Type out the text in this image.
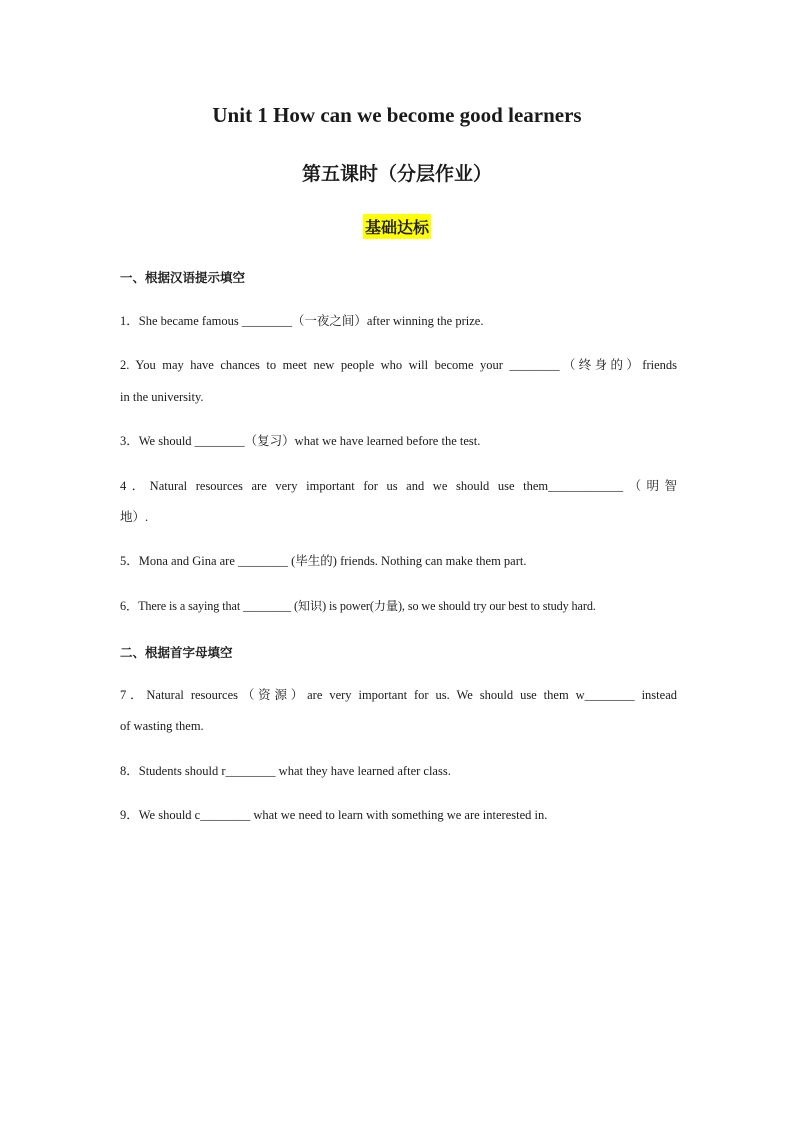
Unit 1 How can we become good learners
第五课时（分层作业）
基础达标
一、根据汉语提示填空
1．She became famous ________（一夜之间）after winning the prize.
2. You may have chances to meet new people who will become your ________（终身的）friends
in the university.
3．We should ________（复习）what we have learned before the test.
4．Natural resources are very important for us and we should use them____________（明智
地）.
5．Mona and Gina are ________ (毕生的) friends. Nothing can make them part.
6．There is a saying that ________ (知识) is power(力量), so we should try our best to study hard.
二、根据首字母填空
7．Natural resources（资源）are very important for us. We should use them w________ instead
of wasting them.
8．Students should r________ what they have learned after class.
9．We should c________ what we need to learn with something we are interested in.
